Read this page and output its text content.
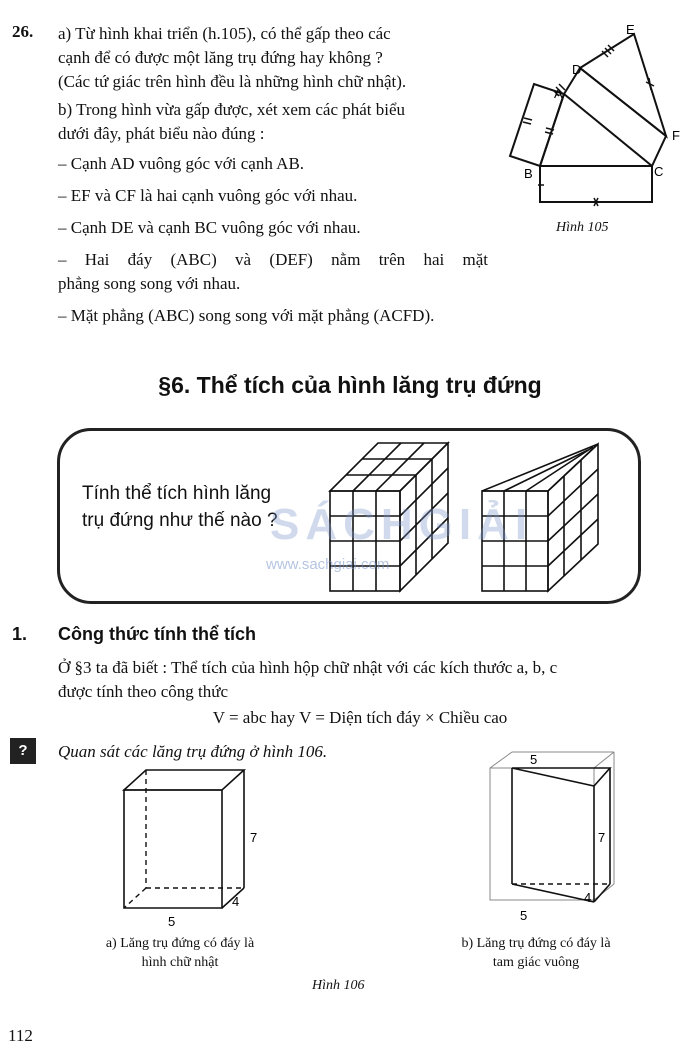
26. a) Từ hình khai triển (h.105), có thể gấp theo các
cạnh để có được một lăng trụ đứng hay không ?
(Các tứ giác trên hình đều là những hình chữ nhật).
b) Trong hình vừa gấp được, xét xem các phát biểu
dưới đây, phát biểu nào đúng :
– Cạnh AD vuông góc với cạnh AB.
– EF và CF là hai cạnh vuông góc với nhau.
– Cạnh DE và cạnh BC vuông góc với nhau.
– Hai đáy (ABC) và (DEF) nằm trên hai mặt
phẳng song song với nhau.
– Mặt phẳng (ABC) song song với mặt phẳng (ACFD).
E
D
A
F
B	C
Hình 105
§6. Thể tích của hình lăng trụ đứng
Tính thể tích hình lăng
trụ đứng như thế nào ?
SÁCHGIẢI
www.sachgiai.com
1. Công thức tính thể tích
Ở §3 ta đã biết : Thể tích của hình hộp chữ nhật với các kích thước a, b, c
được tính theo công thức
V = abc hay V = Diện tích đáy × Chiều cao
?	Quan sát các lăng trụ đứng ở hình 106.
7
4
5
a) Lăng trụ đứng có đáy là
hình chữ nhật
5
7
4
5
b) Lăng trụ đứng có đáy là
tam giác vuông
Hình 106
112
